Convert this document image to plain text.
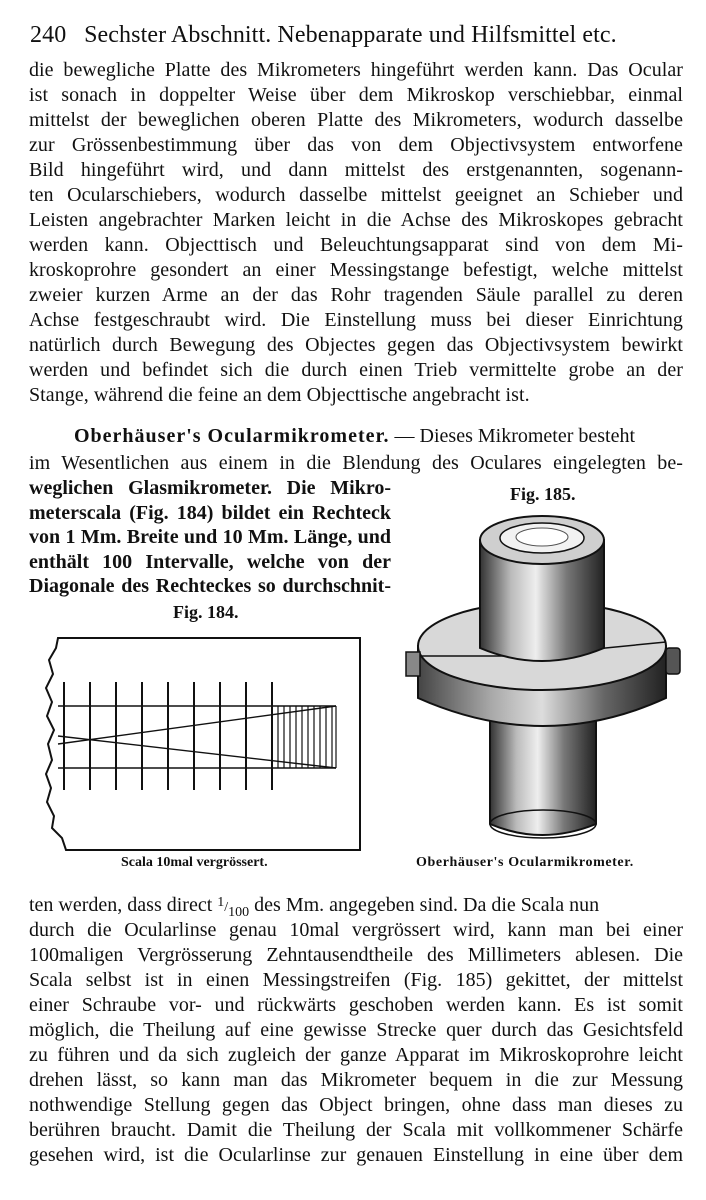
240 Sechster Abschnitt. Nebenapparate und Hilfsmittel etc.
die bewegliche Platte des Mikrometers hingeführt werden kann. Das Ocular
ist sonach in doppelter Weise über dem Mikroskop verschiebbar, einmal
mittelst der beweglichen oberen Platte des Mikrometers, wodurch dasselbe
zur Grössenbestimmung über das von dem Objectivsystem entworfene
Bild hingeführt wird, und dann mittelst des erstgenannten, sogenann-
ten Ocularschiebers, wodurch dasselbe mittelst geeignet an Schieber und
Leisten angebrachter Marken leicht in die Achse des Mikroskopes gebracht
werden kann. Objecttisch und Beleuchtungsapparat sind von dem Mi-
kroskoprohre gesondert an einer Messingstange befestigt, welche mittelst
zweier kurzen Arme an der das Rohr tragenden Säule parallel zu deren
Achse festgeschraubt wird. Die Einstellung muss bei dieser Einrichtung
natürlich durch Bewegung des Objectes gegen das Objectivsystem bewirkt
werden und befindet sich die durch einen Trieb vermittelte grobe an der
Stange, während die feine an dem Objecttische angebracht ist.
Oberhäuser's Ocularmikrometer. — Dieses Mikrometer besteht
im Wesentlichen aus einem in die Blendung des Oculares eingelegten be-
weglichen Glasmikrometer. Die Mikro-
meterscala (Fig. 184) bildet ein Rechteck
von 1 Mm. Breite und 10 Mm. Länge, und
enthält 100 Intervalle, welche von der
Diagonale des Rechteckes so durchschnit-
Fig. 184.
Fig. 185.
Scala 10mal vergrössert.	Oberhäuser's Ocularmikrometer.
ten werden, dass direct 1/100 des Mm. angegeben sind. Da die Scala nun
durch die Ocularlinse genau 10mal vergrössert wird, kann man bei einer
100maligen Vergrösserung Zehntausendtheile des Millimeters ablesen. Die
Scala selbst ist in einen Messingstreifen (Fig. 185) gekittet, der mittelst
einer Schraube vor- und rückwärts geschoben werden kann. Es ist somit
möglich, die Theilung auf eine gewisse Strecke quer durch das Gesichtsfeld
zu führen und da sich zugleich der ganze Apparat im Mikroskoprohre leicht
drehen lässt, so kann man das Mikrometer bequem in die zur Messung
nothwendige Stellung gegen das Object bringen, ohne dass man dieses zu
berühren braucht. Damit die Theilung der Scala mit vollkommener Schärfe
gesehen wird, ist die Ocularlinse zur genauen Einstellung in eine über dem
